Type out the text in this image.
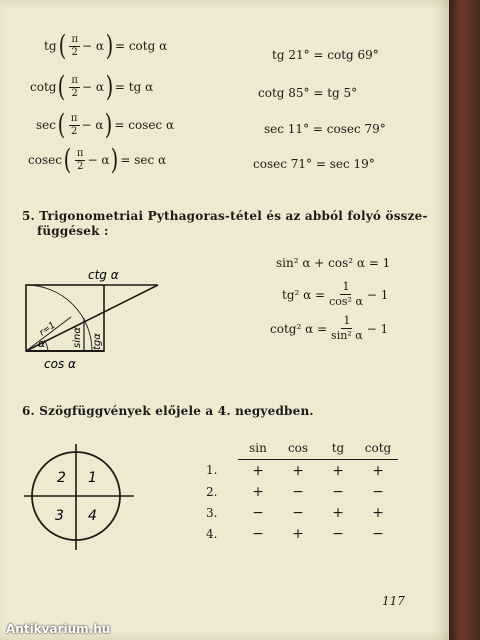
tg ( $\frac{\pi}{2} - \alpha$ ) = cotg α
cotg ( $\frac{\pi}{2} - \alpha$ ) = tg α
sec ( $\frac{\pi}{2} - \alpha$ ) = cosec α
cosec ( $\frac{\pi}{2} - \alpha$ ) = sec α
tg 21° = cotg 69°
cotg 85° = tg 5°
sec 11° = cosec 79°
cosec 71° = sec 19°
5. Trigonometriai Pythagoras-tétel és az abból folyó össze-
függések :
ctg α
r=1
α	sinα tgα
cos α
sin² α + cos² α = 1
tg² $\alpha = \frac{1}{\text{cos² α}} - 1$
cotg² $\alpha = \frac{1}{\text{sin² α}} - 1$
6. Szögfüggvények előjele a 4. negyedben.
2 1
3 4
	sin	cos	tg	cotg
1.	+	+	+	+
2.	+	−	−	−
3.	−	−	+	+
4.	−	+	−	−
117
Antikvarium.hu
